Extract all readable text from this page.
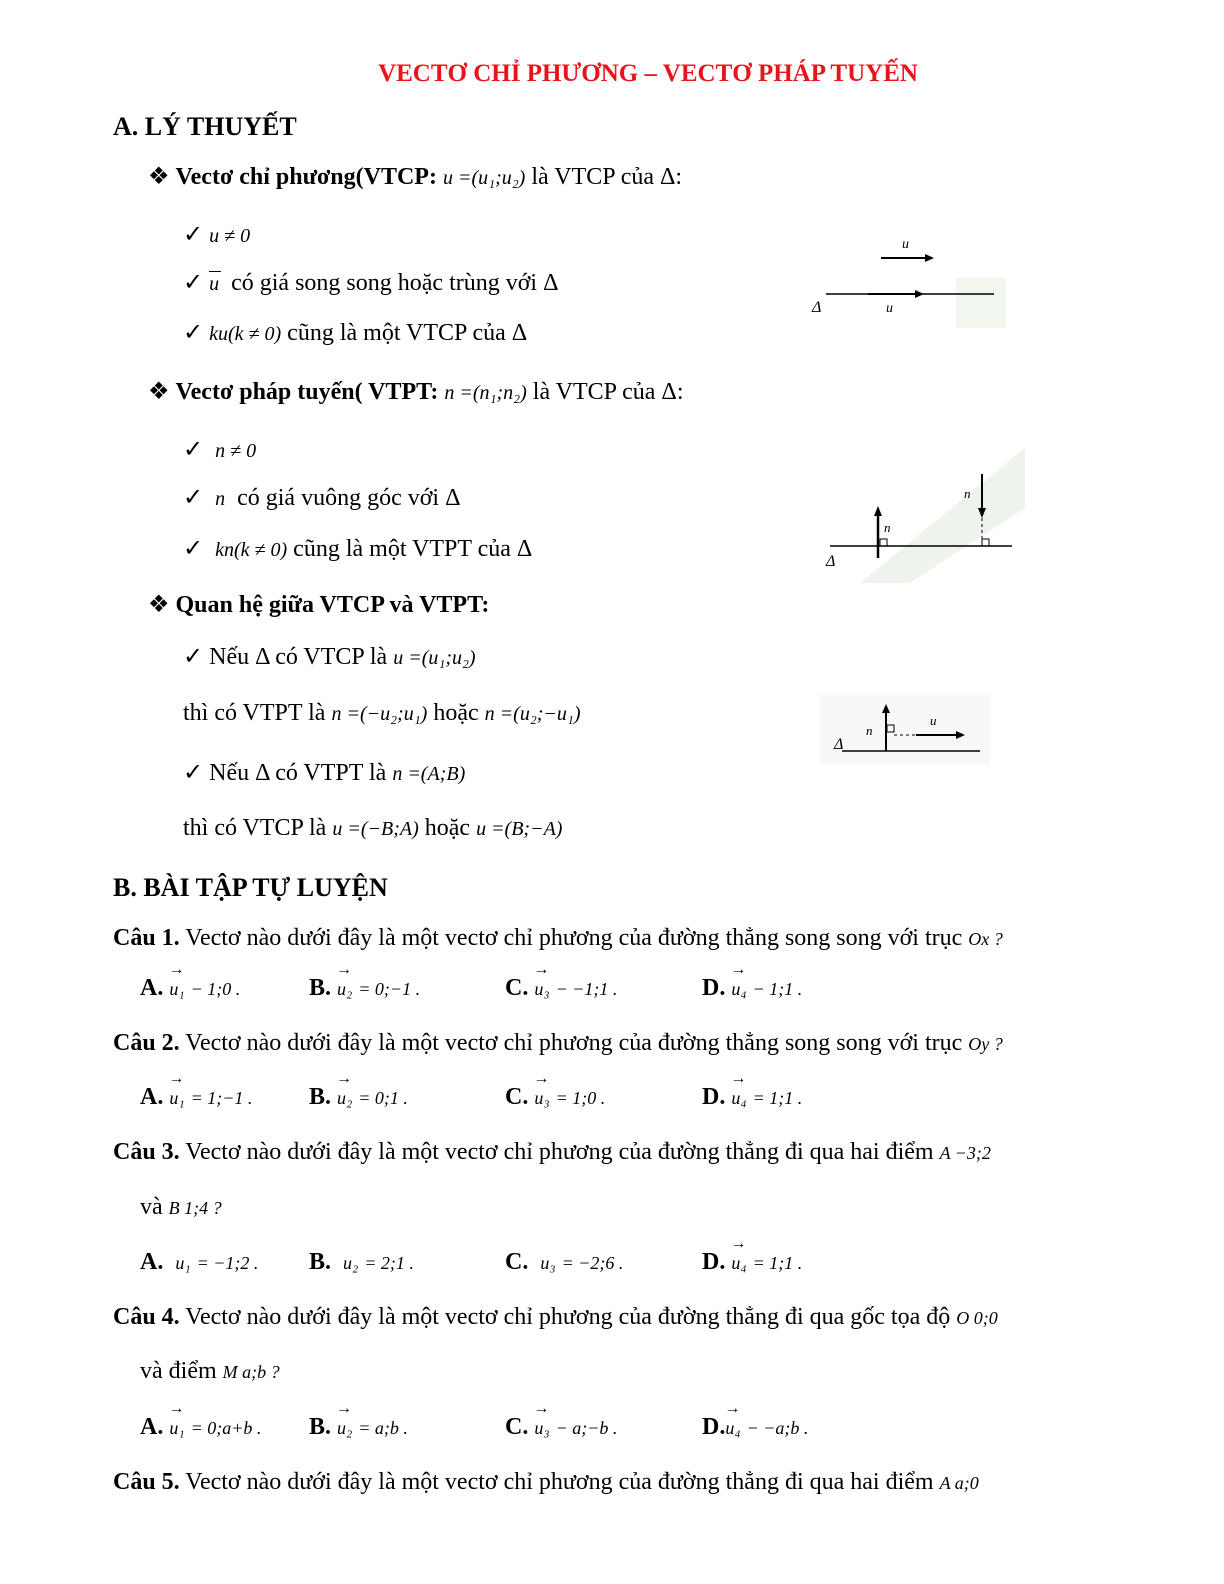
VECTƠ CHỈ PHƯƠNG – VECTƠ PHÁP TUYẾN
A. LÝ THUYẾT
❖ Vectơ chỉ phương(VTCP: u =(u₁;u₂) là VTCP của Δ:
✓ u ≠ 0
✓ u có giá song song hoặc trùng với Δ
✓ ku(k ≠ 0) cũng là một VTCP của Δ
u
Δ	u
❖ Vectơ pháp tuyến( VTPT: n =(n₁;n₂) là VTCP của Δ:
✓ n ≠ 0
✓ n có giá vuông góc với Δ
✓ kn(k ≠ 0) cũng là một VTPT của Δ
n
n
Δ
❖ Quan hệ giữa VTCP và VTPT:
✓ Nếu Δ có VTCP là u =(u₁;u₂)
thì có VTPT là n =(−u₂;u₁) hoặc n =(u₂;−u₁)
✓ Nếu Δ có VTPT là n =(A;B)
thì có VTCP là u =(−B;A) hoặc u =(B;−A)
n
u
Δ
B. BÀI TẬP TỰ LUYỆN
Câu 1. Vectơ nào dưới đây là một vectơ chỉ phương của đường thẳng song song với trục Ox ?
A. → u₁ − 1;0 .	B. → u₂ = 0;−1 .	C. → u₃ − −1;1 .	D. → u₄ − 1;1 .
Câu 2. Vectơ nào dưới đây là một vectơ chỉ phương của đường thẳng song song với trục Oy ?
A. → u₁ = 1;−1 . B. → u₂ = 0;1 .	C. → u₃ = 1;0 .	D. → u₄ = 1;1 .
Câu 3. Vectơ nào dưới đây là một vectơ chỉ phương của đường thẳng đi qua hai điểm A −3;2
và B 1;4 ?
A. u₁ = −1;2 . B. u₂ = 2;1 .	C. u₃ = −2;6 .	D. → u₄ = 1;1 .
Câu 4. Vectơ nào dưới đây là một vectơ chỉ phương của đường thẳng đi qua gốc tọa độ O 0;0
và điểm M a;b ?
A. → u₁ = 0;a+b . B. → u₂ = a;b .	C. → u₃ − a;−b .	D.→ u₄ − −a;b .
Câu 5. Vectơ nào dưới đây là một vectơ chỉ phương của đường thẳng đi qua hai điểm A a;0
